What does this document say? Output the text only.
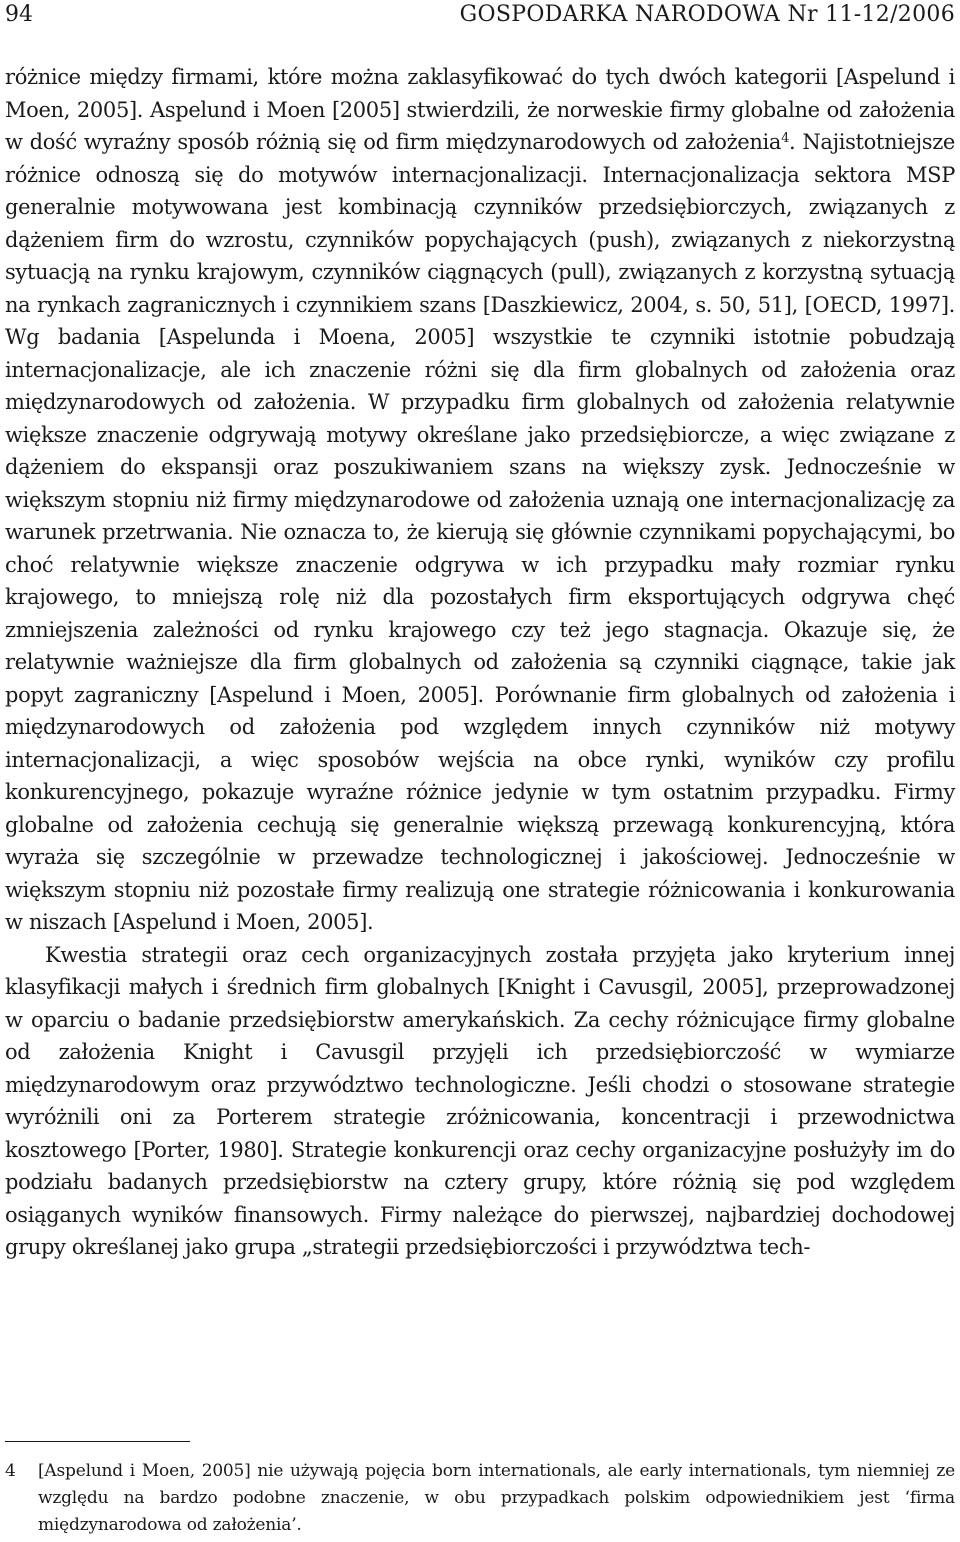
94	GOSPODARKA NARODOWA Nr 11-12/2006

różnice między firmami, które można zaklasyfikować do tych dwóch kategorii [Aspelund i Moen, 2005]. Aspelund i Moen [2005] stwierdzili, że norweskie firmy globalne od założenia w dość wyraźny sposób różnią się od firm międzynarodowych od założenia$^4$. Najistotniejsze różnice odnoszą się do motywów internacjonalizacji. Internacjonalizacja sektora MSP generalnie motywowana jest kombinacją czynników przedsiębiorczych, związanych z dążeniem firm do wzrostu, czynników popychających (push), związanych z niekorzystną sytuacją na rynku krajowym, czynników ciągnących (pull), związanych z korzystną sytuacją na rynkach zagranicznych i czynnikiem szans [Daszkiewicz, 2004, s. 50, 51], [OECD, 1997]. Wg badania [Aspelunda i Moena, 2005] wszystkie te czynniki istotnie pobudzają internacjonalizacje, ale ich znaczenie różni się dla firm globalnych od założenia oraz międzynarodowych od założenia. W przypadku firm globalnych od założenia relatywnie większe znaczenie odgrywają motywy określane jako przedsiębiorcze, a więc związane z dążeniem do ekspansji oraz poszukiwaniem szans na większy zysk. Jednocześnie w większym stopniu niż firmy międzynarodowe od założenia uznają one internacjonalizację za warunek przetrwania. Nie oznacza to, że kierują się głównie czynnikami popychającymi, bo choć relatywnie większe znaczenie odgrywa w ich przypadku mały rozmiar rynku krajowego, to mniejszą rolę niż dla pozostałych firm eksportujących odgrywa chęć zmniejszenia zależności od rynku krajowego czy też jego stagnacja. Okazuje się, że relatywnie ważniejsze dla firm globalnych od założenia są czynniki ciągnące, takie jak popyt zagraniczny [Aspelund i Moen, 2005]. Porównanie firm globalnych od założenia i międzynarodowych od założenia pod względem innych czynników niż motywy internacjonalizacji, a więc sposobów wejścia na obce rynki, wyników czy profilu konkurencyjnego, pokazuje wyraźne różnice jedynie w tym ostatnim przypadku. Firmy globalne od założenia cechują się generalnie większą przewagą konkurencyjną, która wyraża się szczególnie w przewadze technologicznej i jakościowej. Jednocześnie w większym stopniu niż pozostałe firmy realizują one strategie różnicowania i konkurowania w niszach [Aspelund i Moen, 2005].

Kwestia strategii oraz cech organizacyjnych została przyjęta jako kryterium innej klasyfikacji małych i średnich firm globalnych [Knight i Cavusgil, 2005], przeprowadzonej w oparciu o badanie przedsiębiorstw amerykańskich. Za cechy różnicujące firmy globalne od założenia Knight i Cavusgil przyjęli ich przedsiębiorczość w wymiarze międzynarodowym oraz przywództwo technologiczne. Jeśli chodzi o stosowane strategie wyróżnili oni za Porterem strategie zróżnicowania, koncentracji i przewodnictwa kosztowego [Porter, 1980]. Strategie konkurencji oraz cechy organizacyjne posłużyły im do podziału badanych przedsiębiorstw na cztery grupy, które różnią się pod względem osiąganych wyników finansowych. Firmy należące do pierwszej, najbardziej dochodowej grupy określanej jako grupa „strategii przedsiębiorczości i przywództwa tech-

4 [Aspelund i Moen, 2005] nie używają pojęcia born internationals, ale early internationals, tym niemniej ze względu na bardzo podobne znaczenie, w obu przypadkach polskim odpowiednikiem jest ‘firma międzynarodowa od założenia’.
